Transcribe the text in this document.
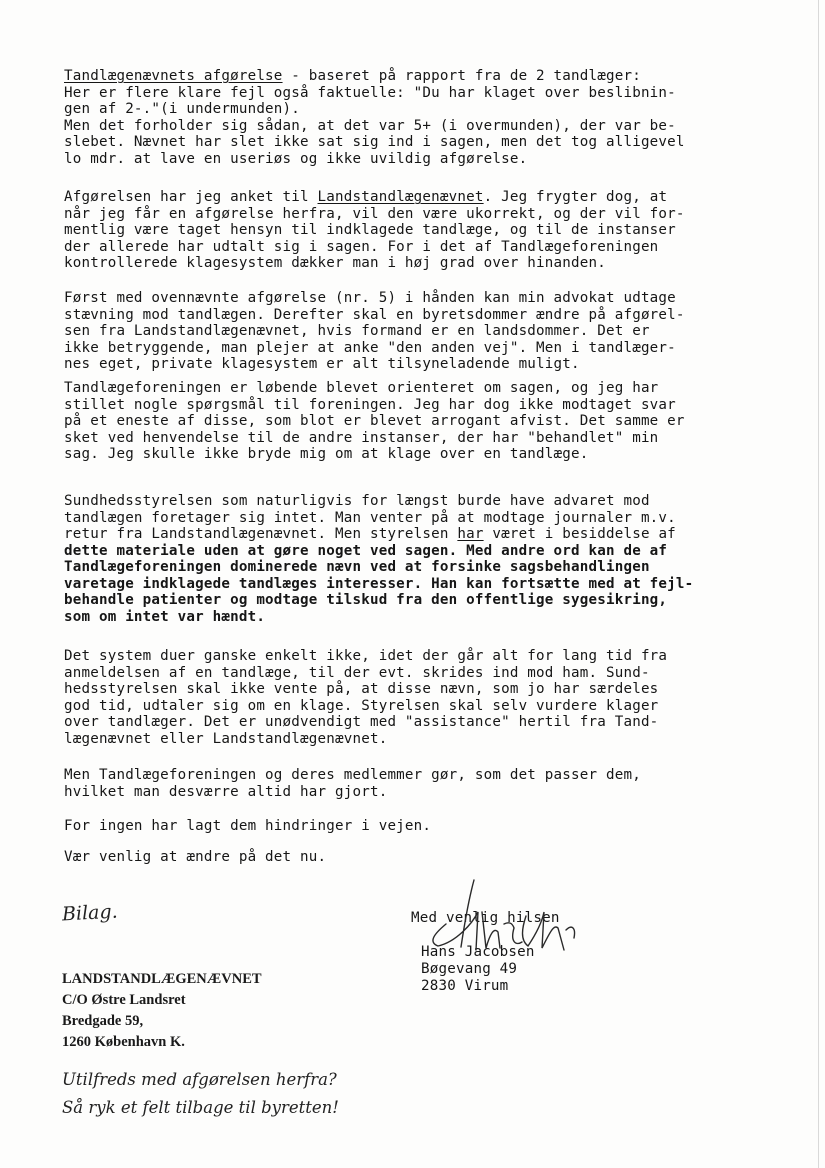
Tandlægenævnets afgørelse - baseret på rapport fra de 2 tandlæger:
Her er flere klare fejl også faktuelle: "Du har klaget over beslibnin-
gen af 2-."(i undermunden).
Men det forholder sig sådan, at det var 5+ (i overmunden), der var be-
slebet. Nævnet har slet ikke sat sig ind i sagen, men det tog alligevel
lo mdr. at lave en useriøs og ikke uvildig afgørelse.
Afgørelsen har jeg anket til Landstandlægenævnet. Jeg frygter dog, at
når jeg får en afgørelse herfra, vil den være ukorrekt, og der vil for-
mentlig være taget hensyn til indklagede tandlæge, og til de instanser
der allerede har udtalt sig i sagen. For i det af Tandlægeforeningen
kontrollerede klagesystem dækker man i høj grad over hinanden.
Først med ovennævnte afgørelse (nr. 5) i hånden kan min advokat udtage
stævning mod tandlægen. Derefter skal en byretsdommer ændre på afgørel-
sen fra Landstandlægenævnet, hvis formand er en landsdommer. Det er
ikke betryggende, man plejer at anke "den anden vej". Men i tandlæger-
nes eget, private klagesystem er alt tilsyneladende muligt.
Tandlægeforeningen er løbende blevet orienteret om sagen, og jeg har
stillet nogle spørgsmål til foreningen. Jeg har dog ikke modtaget svar
på et eneste af disse, som blot er blevet arrogant afvist. Det samme er
sket ved henvendelse til de andre instanser, der har "behandlet" min
sag. Jeg skulle ikke bryde mig om at klage over en tandlæge.
Sundhedsstyrelsen som naturligvis for længst burde have advaret mod
tandlægen foretager sig intet. Man venter på at modtage journaler m.v.
retur fra Landstandlægenævnet. Men styrelsen har været i besiddelse af
dette materiale uden at gøre noget ved sagen. Med andre ord kan de af
Tandlægeforeningen dominerede nævn ved at forsinke sagsbehandlingen
varetage indklagede tandlæges interesser. Han kan fortsætte med at fejl-
behandle patienter og modtage tilskud fra den offentlige sygesikring,
som om intet var hændt.
Det system duer ganske enkelt ikke, idet der går alt for lang tid fra
anmeldelsen af en tandlæge, til der evt. skrides ind mod ham. Sund-
hedsstyrelsen skal ikke vente på, at disse nævn, som jo har særdeles
god tid, udtaler sig om en klage. Styrelsen skal selv vurdere klager
over tandlæger. Det er unødvendigt med "assistance" hertil fra Tand-
lægenævnet eller Landstandlægenævnet.
Men Tandlægeforeningen og deres medlemmer gør, som det passer dem,
hvilket man desværre altid har gjort.
For ingen har lagt dem hindringer i vejen.
Vær venlig at ændre på det nu.
Med venlig hilsen
Hans Jacobsen
Bøgevang 49
2830 Virum
Bilag.
LANDSTANDLÆGENÆVNET
C/O Østre Landsret
Bredgade 59,
1260 København K.
Utilfreds med afgørelsen herfra?
Så ryk et felt tilbage til byretten!
